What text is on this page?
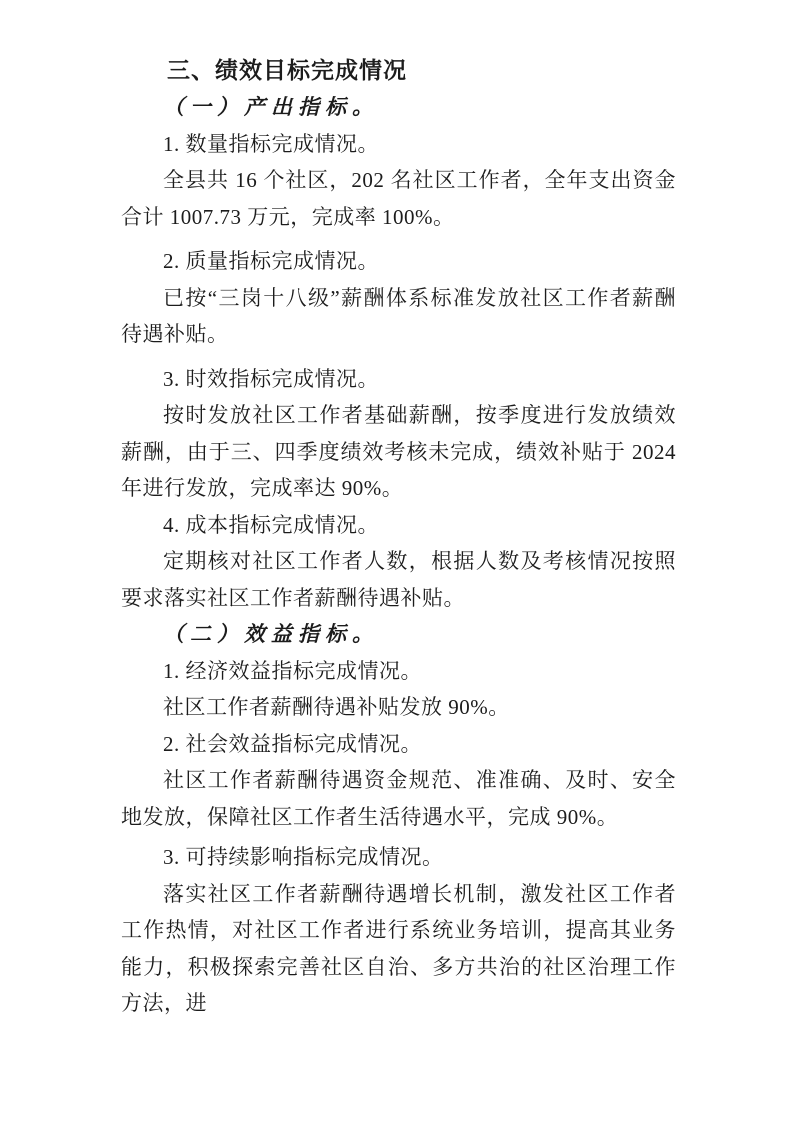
三、绩效目标完成情况

（一）产出指标。

1. 数量指标完成情况。

全县共 16 个社区，202 名社区工作者，全年支出资金合计 1007.73 万元，完成率 100%。

2. 质量指标完成情况。

已按“三岗十八级”薪酬体系标准发放社区工作者薪酬待遇补贴。

3. 时效指标完成情况。

按时发放社区工作者基础薪酬，按季度进行发放绩效薪酬，由于三、四季度绩效考核未完成，绩效补贴于 2024 年进行发放，完成率达 90%。

4. 成本指标完成情况。

定期核对社区工作者人数，根据人数及考核情况按照要求落实社区工作者薪酬待遇补贴。

（二）效益指标。

1. 经济效益指标完成情况。

社区工作者薪酬待遇补贴发放 90%。

2. 社会效益指标完成情况。

社区工作者薪酬待遇资金规范、准准确、及时、安全地发放，保障社区工作者生活待遇水平，完成 90%。

3. 可持续影响指标完成情况。

落实社区工作者薪酬待遇增长机制，激发社区工作者工作热情，对社区工作者进行系统业务培训，提高其业务能力，积极探索完善社区自治、多方共治的社区治理工作方法，进
